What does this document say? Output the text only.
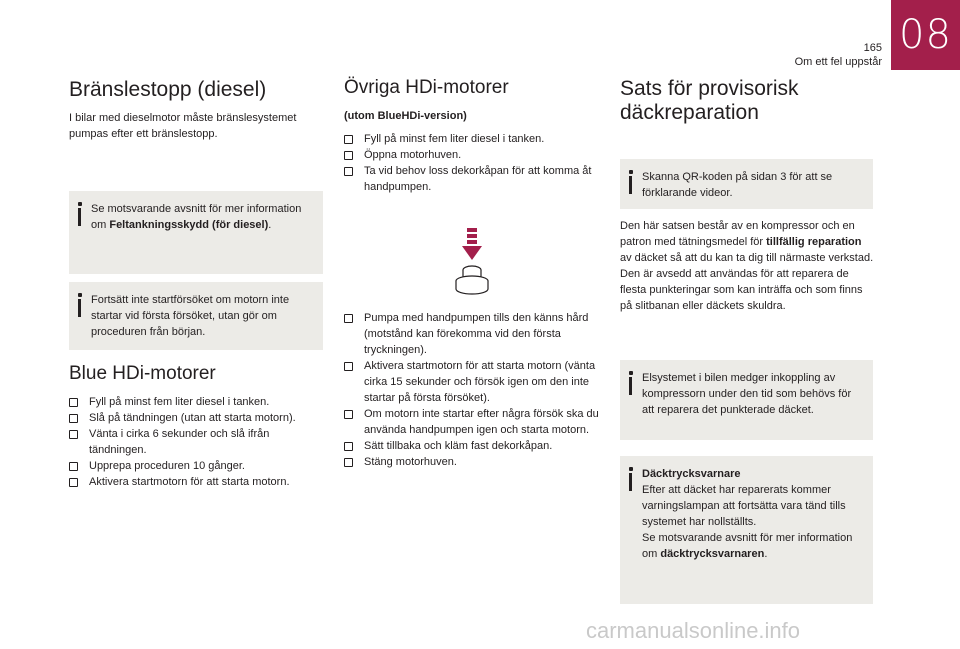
08
165
Om ett fel uppstår
Bränslestopp (diesel)
I bilar med dieselmotor måste bränslesystemet pumpas efter ett bränslestopp.
Se motsvarande avsnitt för mer information om Feltankningsskydd (för diesel).
Fortsätt inte startförsöket om motorn inte startar vid första försöket, utan gör om proceduren från början.
Blue HDi-motorer
Fyll på minst fem liter diesel i tanken.
Slå på tändningen (utan att starta motorn).
Vänta i cirka 6 sekunder och slå ifrån tändningen.
Upprepa proceduren 10 gånger.
Aktivera startmotorn för att starta motorn.
Övriga HDi-motorer
(utom BlueHDi-version)
Fyll på minst fem liter diesel i tanken.
Öppna motorhuven.
Ta vid behov loss dekorkåpan för att komma åt handpumpen.
Pumpa med handpumpen tills den känns hård (motstånd kan förekomma vid den första tryckningen).
Aktivera startmotorn för att starta motorn (vänta cirka 15 sekunder och försök igen om den inte startar på första försöket).
Om motorn inte startar efter några försök ska du använda handpumpen igen och starta motorn.
Sätt tillbaka och kläm fast dekorkåpan.
Stäng motorhuven.
Sats för provisorisk
däckreparation
Skanna QR-koden på sidan 3 för att se förklarande videor.
Den här satsen består av en kompressor och en patron med tätningsmedel för tillfällig reparation av däcket så att du kan ta dig till närmaste verkstad.
Den är avsedd att användas för att reparera de flesta punkteringar som kan inträffa och som finns på slitbanan eller däckets skuldra.
Elsystemet i bilen medger inkoppling av kompressorn under den tid som behövs för att reparera det punkterade däcket.
Däcktrycksvarnare
Efter att däcket har reparerats kommer varningslampan att fortsätta vara tänd tills systemet har nollställts.
Se motsvarande avsnitt för mer information om däcktrycksvarnaren.
carmanualsonline.info
